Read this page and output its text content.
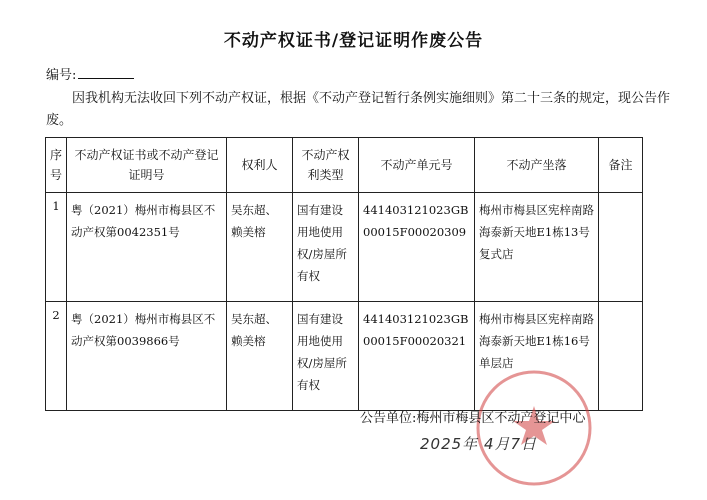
不动产权证书/登记证明作废公告
编号:
因我机构无法收回下列不动产权证，根据《不动产登记暂行条例实施细则》第二十三条的规定，现公告作废。
序号	不动产权证书或不动产登记证明号	权利人	不动产权利类型	不动产单元号	不动产坐落	备注
1	粤（2021）梅州市梅县区不动产权第0042351号	吴东超、赖美榕	国有建设用地使用权/房屋所有权	441403121023GB00015F00020309	梅州市梅县区宪梓南路海泰新天地E1栋13号复式店	
2	粤（2021）梅州市梅县区不动产权第0039866号	吴东超、赖美榕	国有建设用地使用权/房屋所有权	441403121023GB00015F00020321	梅州市梅县区宪梓南路海泰新天地E1栋16号单层店	
公告单位:梅州市梅县区不动产登记中心
2025年 4月7日
